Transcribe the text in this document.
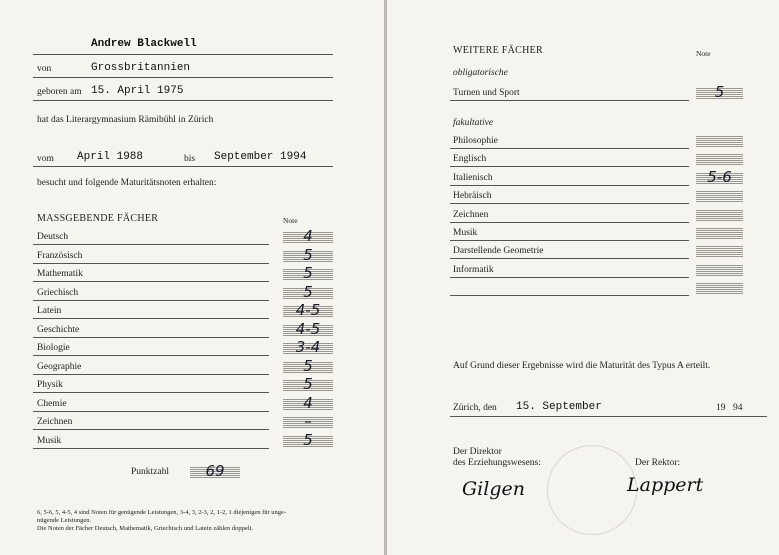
Andrew Blackwell
von	Grossbritannien
geboren am 15. April 1975
hat das Literargymnasium Rämibühl in Zürich
vom April 1988	bis September 1994
besucht und folgende Maturitätsnoten erhalten:
MASSGEBENDE FÄCHER	Note
Deutsch	4
Französisch	5
Mathematik	5
Griechisch	5
Latein	4-5
Geschichte	4-5
Biologie	3-4
Geographie	5
Physik	5
Chemie	4
Zeichnen	–
Musik	5
Punktzahl	69
6, 5-6, 5, 4-5, 4 sind Noten für genügende Leistungen, 3-4, 3, 2-3, 2, 1-2, 1 diejenigen für unge-
nügende Leistungen.
Die Noten der Fächer Deutsch, Mathematik, Griechisch und Latein zählen doppelt.
WEITERE FÄCHER	Note
obligatorische
Turnen und Sport	5
fakultative
Philosophie
Englisch
Italienisch	5-6
Hebräisch
Zeichnen
Musik
Darstellende Geometrie
Informatik
Auf Grund dieser Ergebnisse wird die Maturität des Typus A erteilt.
Zürich, den 15. September	19 94
Der Direktor
des Erziehungswesens:	Der Rektor:
Gilgen	Lappert
